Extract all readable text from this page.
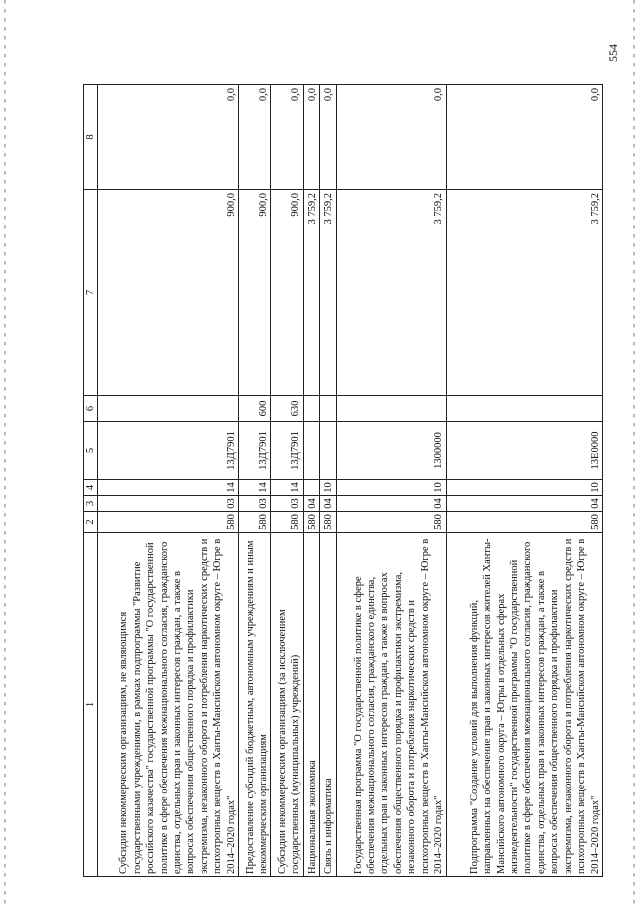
554
1	2	3	4	5	6	7	8
Субсидии некоммерческим организациям, не являющимся государственными учреждениями, в рамках подпрограммы "Развитие российского казачества" государственной программы "О государственной политике в сфере обеспечения межнационального согласия, гражданского единства, отдельных прав и законных интересов граждан, а также в вопросах обеспечения общественного порядка и профилактики экстремизма, незаконного оборота и потребления наркотических средств и психотропных веществ в Ханты-Мансийском автономном округе – Югре в 2014–2020 годах"	580	03	14	13Д7901		900,0	0,0
Предоставление субсидий бюджетным, автономным учреждениям и иным некоммерческим организациям	580	03	14	13Д7901	600	900,0	0,0
Субсидии некоммерческим организациям (за исключением государственных (муниципальных) учреждений)	580	03	14	13Д7901	630	900,0	0,0
Национальная экономика	580	04				3 759,2	0,0
Связь и информатика	580	04	10			3 759,2	0,0
Государственная программа "О государственной политике в сфере обеспечения межнационального согласия, гражданского единства, отдельных прав и законных интересов граждан, а также в вопросах обеспечения общественного порядка и профилактики экстремизма, незаконного оборота и потребления наркотических средств и психотропных веществ в Ханты-Мансийском автономном округе – Югре в 2014–2020 годах"	580	04	10	1300000		3 759,2	0,0
Подпрограмма "Создание условий для выполнения функций, направленных на обеспечение прав и законных интересов жителей Ханты-Мансийского автономного округа – Югры в отдельных сферах жизнедеятельности" государственной программы "О государственной политике в сфере обеспечения межнационального согласия, гражданского единства, отдельных прав и законных интересов граждан, а также в вопросах обеспечения общественного порядка и профилактики экстремизма, незаконного оборота и потребления наркотических средств и психотропных веществ в Ханты-Мансийском автономном округе – Югре в 2014–2020 годах"	580	04	10	13Е0000		3 759,2	0,0
